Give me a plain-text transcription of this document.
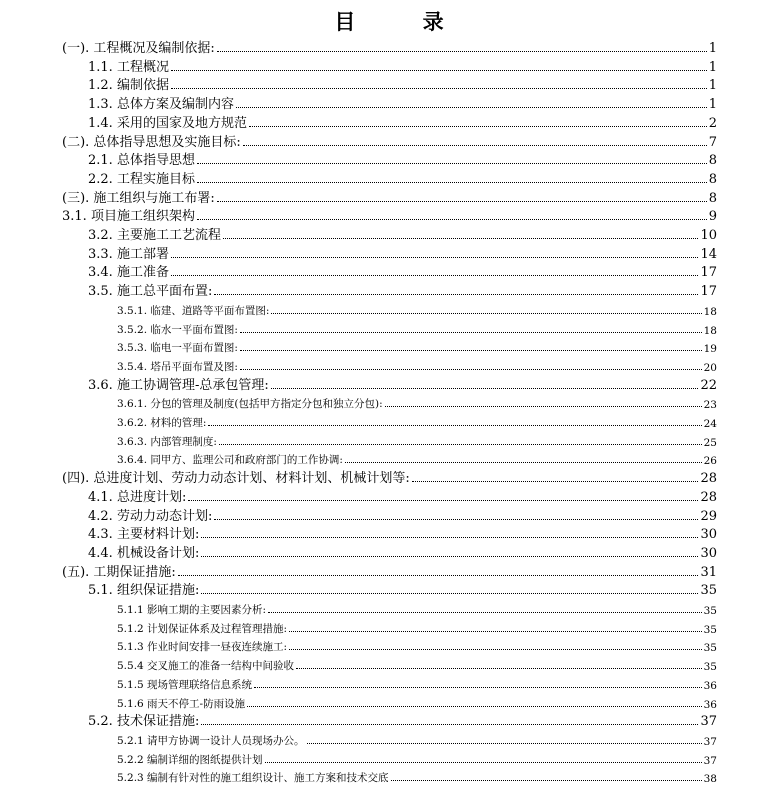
目 录
(一). 工程概况及编制依据:	1
1.1. 工程概况	1
1.2. 编制依据	1
1.3. 总体方案及编制内容	1
1.4. 采用的国家及地方规范	2
(二). 总体指导思想及实施目标:	7
2.1. 总体指导思想	8
2.2. 工程实施目标	8
(三). 施工组织与施工布署:	8
3.1. 项目施工组织架构	9
3.2. 主要施工工艺流程	10
3.3. 施工部署	14
3.4. 施工准备	17
3.5. 施工总平面布置:	17
3.5.1. 临建、道路等平面布置图:	18
3.5.2. 临水一平面布置图:	18
3.5.3. 临电一平面布置图:	19
3.5.4. 塔吊平面布置及图:	20
3.6. 施工协调管理-总承包管理:	22
3.6.1. 分包的管理及制度(包括甲方指定分包和独立分包):	23
3.6.2. 材料的管理:	24
3.6.3. 内部管理制度:	25
3.6.4. 同甲方、监理公司和政府部门的工作协调:	26
(四). 总进度计划、劳动力动态计划、材料计划、机械计划等:	28
4.1. 总进度计划:	28
4.2. 劳动力动态计划:	29
4.3. 主要材料计划:	30
4.4. 机械设备计划:	30
(五). 工期保证措施:	31
5.1. 组织保证措施:	35
5.1.1 影响工期的主要因素分析:	35
5.1.2 计划保证体系及过程管理措施:	35
5.1.3 作业时间安排一昼夜连续施工:	35
5.5.4 交叉施工的准备一结构中间验收	35
5.1.5 现场管理联络信息系统	36
5.1.6 雨天不停工-防雨设施	36
5.2. 技术保证措施:	37
5.2.1 请甲方协调一设计人员现场办公。	37
5.2.2 编制详细的图纸提供计划	37
5.2.3 编制有针对性的施工组织设计、施工方案和技术交底	38
